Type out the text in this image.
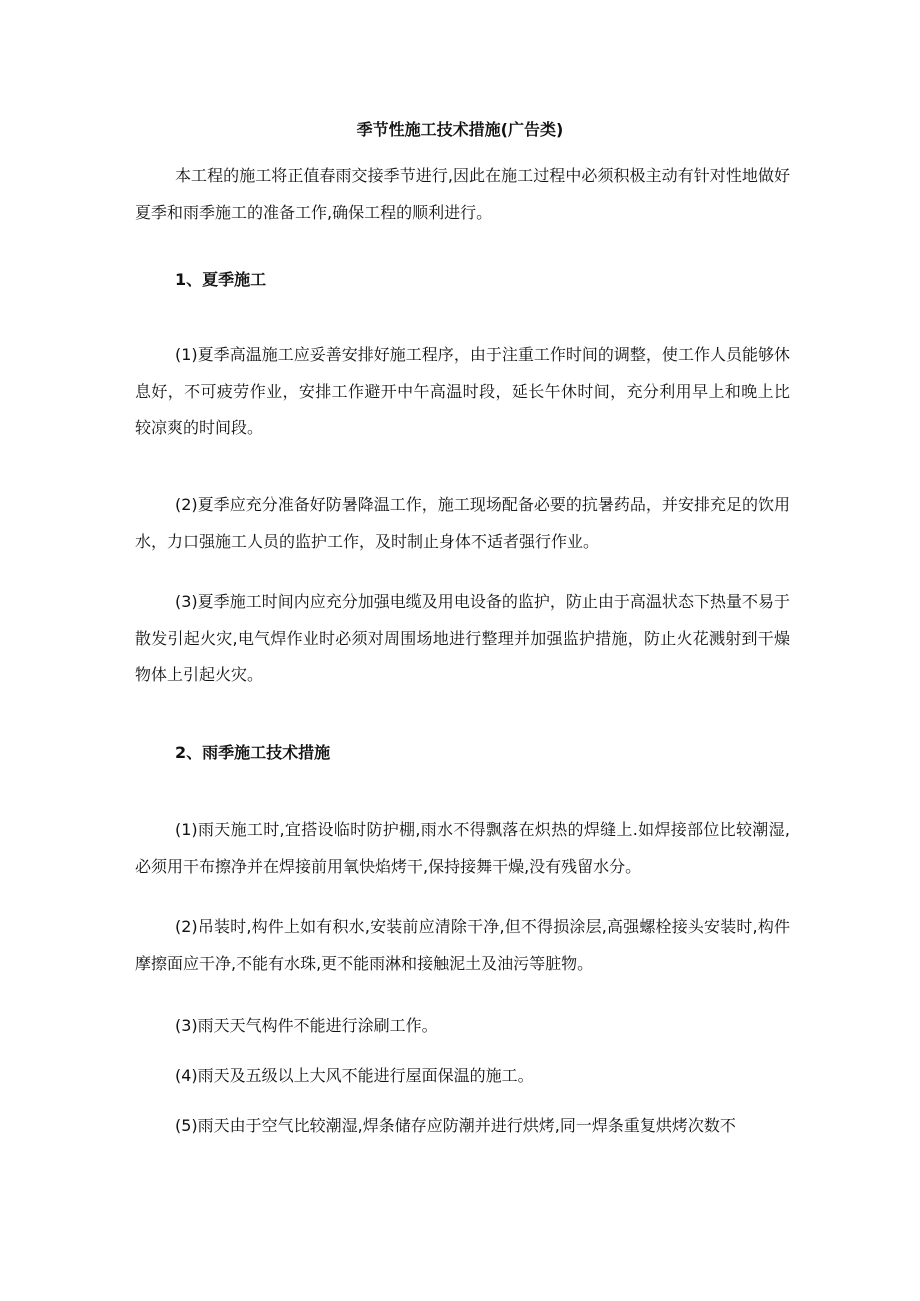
季节性施工技术措施(广告类)

本工程的施工将正值春雨交接季节进行,因此在施工过程中必须积极主动有针对性地做好夏季和雨季施工的准备工作,确保工程的顺利进行。

1、夏季施工

(1)夏季高温施工应妥善安排好施工程序，由于注重工作时间的调整，使工作人员能够休息好，不可疲劳作业，安排工作避开中午高温时段，延长午休时间，充分利用早上和晚上比较凉爽的时间段。

(2)夏季应充分准备好防暑降温工作，施工现场配备必要的抗暑药品，并安排充足的饮用水，力口强施工人员的监护工作，及时制止身体不适者强行作业。

(3)夏季施工时间内应充分加强电缆及用电设备的监护，防止由于高温状态下热量不易于散发引起火灾,电气焊作业时必须对周围场地进行整理并加强监护措施，防止火花溅射到干燥物体上引起火灾。

2、雨季施工技术措施

(1)雨天施工时,宜搭设临时防护棚,雨水不得飘落在炽热的焊缝上.如焊接部位比较潮湿,必须用干布擦净并在焊接前用氧快焰烤干,保持接舞干燥,没有残留水分。

(2)吊装时,构件上如有积水,安装前应清除干净,但不得损涂层,高强螺栓接头安装时,构件摩擦面应干净,不能有水珠,更不能雨淋和接触泥土及油污等脏物。

(3)雨天天气构件不能进行涂刷工作。

(4)雨天及五级以上大风不能进行屋面保温的施工。

(5)雨天由于空气比较潮湿,焊条储存应防潮并进行烘烤,同一焊条重复烘烤次数不
